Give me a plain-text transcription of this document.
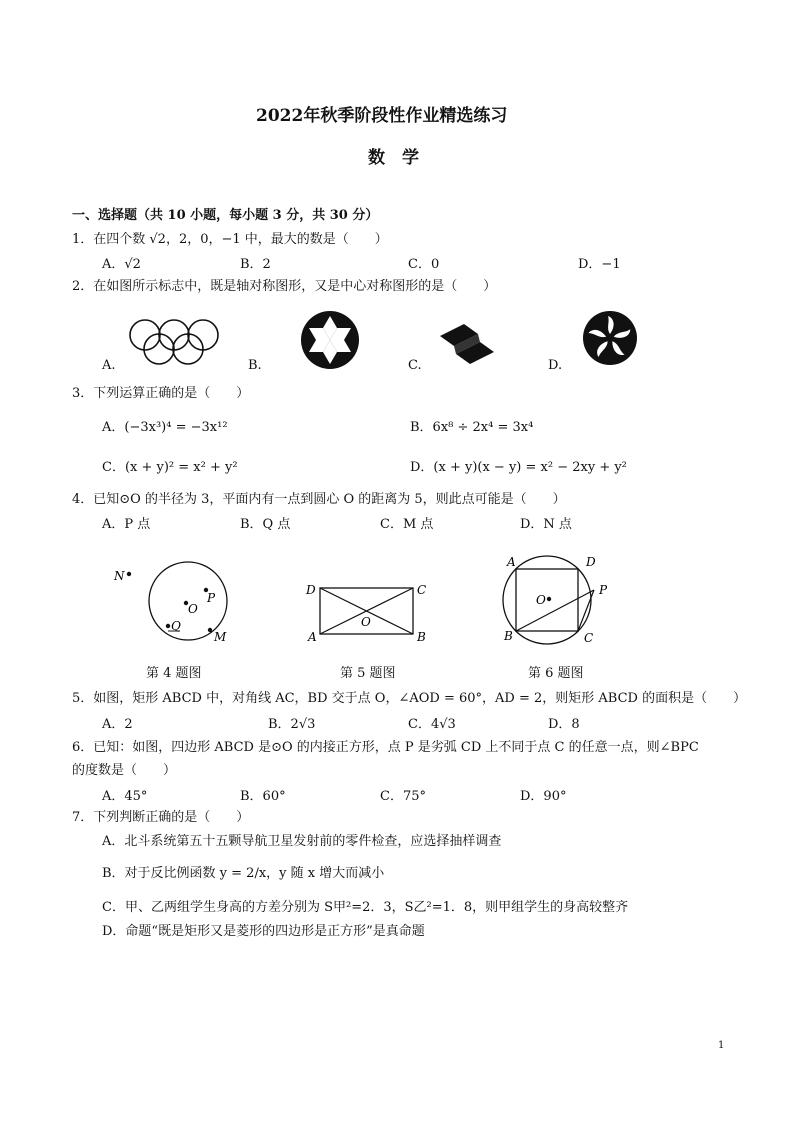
2022年秋季阶段性作业精选练习
数　学
一、选择题（共 10 小题，每小题 3 分，共 30 分）
1．在四个数 √2，2，0，−1 中，最大的数是（　　）
A．√2	B．2	C．0	D．−1
2．在如图所示标志中，既是轴对称图形，又是中心对称图形的是（　　）
A.	B.	C.	D.
3．下列运算正确的是（　　）
A．(−3x³)⁴ = −3x¹²	B．6x⁸ ÷ 2x⁴ = 3x⁴
C．(x + y)² = x² + y²	D．(x + y)(x − y) = x² − 2xy + y²
4．已知⊙O 的半径为 3，平面内有一点到圆心 O 的距离为 5，则此点可能是（　　）
A．P 点	B．Q 点	C．M 点	D．N 点
N
P
O
Q
M
第 4 题图
D	C
O
A	B
第 5 题图
A	D
O
P
B	C
第 6 题图
5．如图，矩形 ABCD 中，对角线 AC，BD 交于点 O，∠AOD = 60°，AD = 2，则矩形 ABCD 的面积是（　　）
A．2	B．2√3	C．4√3	D．8
6．已知：如图，四边形 ABCD 是⊙O 的内接正方形，点 P 是劣弧 CD 上不同于点 C 的任意一点，则∠BPC
的度数是（　　）
A．45°	B．60°	C．75°	D．90°
7．下列判断正确的是（　　）
A．北斗系统第五十五颗导航卫星发射前的零件检查，应选择抽样调查
B．对于反比例函数 y = 2/x，y 随 x 增大而减小
C．甲、乙两组学生身高的方差分别为 S甲²=2．3，S乙²=1．8，则甲组学生的身高较整齐
D．命题“既是矩形又是菱形的四边形是正方形”是真命题
1
